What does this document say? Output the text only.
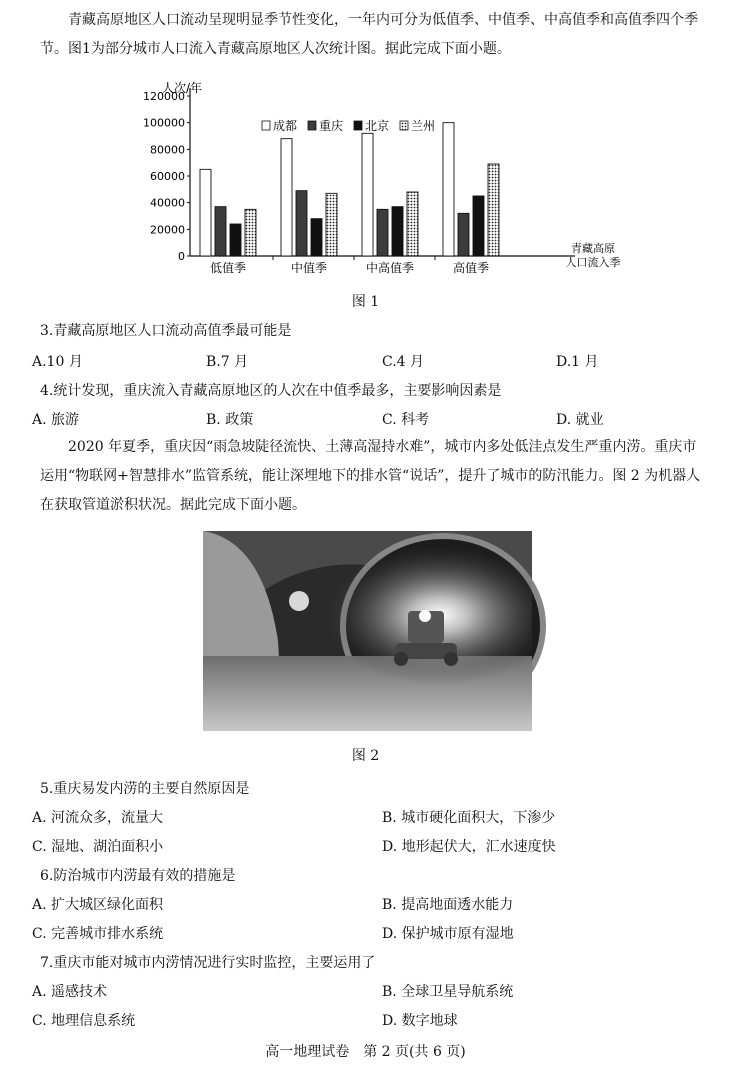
青藏高原地区人口流动呈现明显季节性变化，一年内可分为低值季、中值季、中高值季和高值季四个季节。图1为部分城市人口流入青藏高原地区人次统计图。据此完成下面小题。

人次/年
0
20000
40000
60000
80000
100000
120000
低值季	中值季	中高值季	高值季
青藏高原
人口流入季
成都 重庆 北京 兰州
图 1
3.青藏高原地区人口流动高值季最可能是
A.10 月	B.7 月	C.4 月	D.1 月
4.统计发现，重庆流入青藏高原地区的人次在中值季最多，主要影响因素是
A. 旅游	B. 政策	C. 科考	D. 就业

2020 年夏季，重庆因“雨急坡陡径流快、土薄高湿持水难”，城市内多处低洼点发生严重内涝。重庆市运用“物联网+智慧排水”监管系统，能让深埋地下的排水管“说话”，提升了城市的防汛能力。图 2 为机器人在获取管道淤积状况。据此完成下面小题。

图 2
5.重庆易发内涝的主要自然原因是
A. 河流众多，流量大	B. 城市硬化面积大，下渗少
C. 湿地、湖泊面积小	D. 地形起伏大，汇水速度快
6.防治城市内涝最有效的措施是
A. 扩大城区绿化面积	B. 提高地面透水能力
C. 完善城市排水系统	D. 保护城市原有湿地
7.重庆市能对城市内涝情况进行实时监控，主要运用了
A. 遥感技术	B. 全球卫星导航系统
C. 地理信息系统	D. 数字地球
高一地理试卷　第 2 页(共 6 页)
